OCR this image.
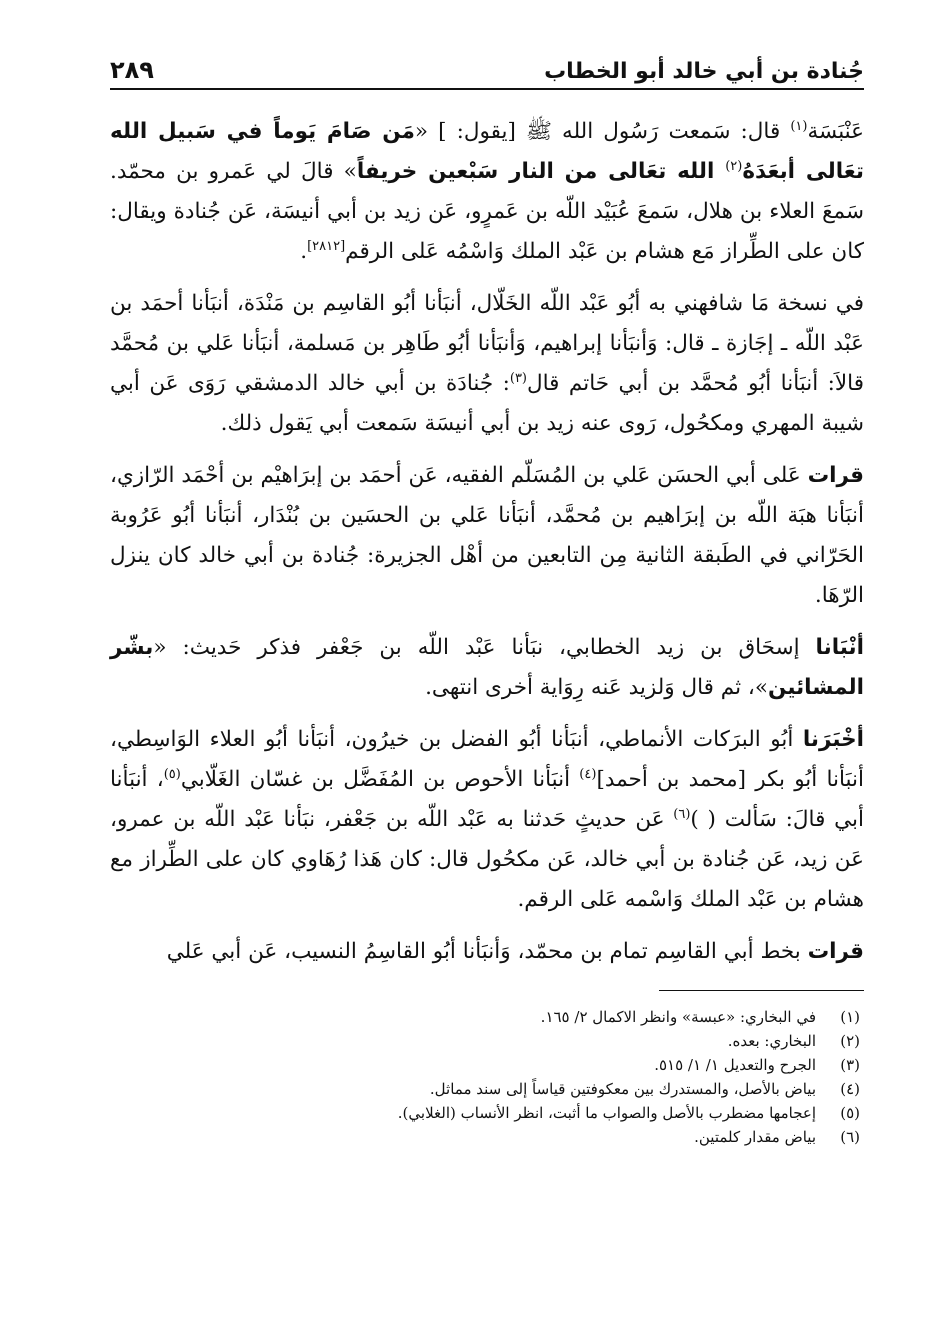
جُنادة بن أبي خالد أبو الخطاب
٢٨٩

عَنْبَسَة$^{(١)}$ قال: سَمعت رَسُول الله ﷺ [يقول: ] «مَن صَامَ يَوماً في سَبيل الله تعَالى أبعَدَهُ$^{(٢)}$ الله تعَالى من النار سَبْعين خريفاً» قالَ لي عَمرو بن محمّد. سَمعَ العلاء بن هلال، سَمعَ عُبَيْد اللّه بن عَمرٍو، عَن زيد بن أبي أنيسَة، عَن جُنادة ويقال: كان على الطِّراز مَع هشام بن عَبْد الملك وَاسْمُه عَلى الرقم[٢٨١٢].

في نسخة مَا شافهني به أبُو عَبْد اللّه الخَلّال، أنبَأنا أبُو القاسِم بن مَنْدَة، أنبَأنا أحمَد بن عَبْد اللّه ـ إجَازة ـ قال: وَأنبَأنا إبراهيم، وَأنبَأنا أبُو طَاهِر بن مَسلمة، أنبَأنا عَلي بن مُحمَّد قالاَ: أنبَأنا أبُو مُحمَّد بن أبي حَاتم قال$^{(٣)}$: جُنادَة بن أبي خالد الدمشقي رَوَى عَن أبي شيبة المهري ومكحُول، رَوى عنه زيد بن أبي أنيسَة سَمعت أبي يَقول ذلك.

قرات عَلى أبي الحسَن عَلي بن المُسَلّم الفقيه، عَن أحمَد بن إبرَاهيْم بن أحْمَد الرّازي، أنبَأنا هبَة اللّه بن إبرَاهيم بن مُحمَّد، أنبَأنا عَلي بن الحسَين بن بُنْدَار، أنبَأنا أبُو عَرُوبة الحَرّاني في الطَبقة الثانية مِن التابعين من أهْل الجزيرة: جُنادة بن أبي خالد كان ينزل الرّهَا.

أنْبَانا إسحَاق بن زيد الخطابي، نبَأنا عَبْد اللّه بن جَعْفر فذكر حَديث: «بشّر المشائين»، ثم قال وَلزيد عَنه رِوَاية أخرى انتهى.

أخْبَرَنا أبُو البرَكات الأنماطي، أنبَأنا أبُو الفضل بن خيرُون، أنبَأنا أبُو العلاء الوَاسِطي، أنبَأنا أبُو بكر [محمد بن أحمد]$^{(٤)}$ أنبَأنا الأحوص بن المُفَضَّل بن غسّان الغَلّابي$^{(٥)}$، أنبَأنا أبي قالَ: سَألت ( )$^{(٦)}$ عَن حديثٍ حَدثنا به عَبْد اللّه بن جَعْفر، نبَأنا عَبْد اللّه بن عمرو، عَن زيد، عَن جُنادة بن أبي خالد، عَن مكحُول قال: كان هَذا رُهَاوي كان على الطِّراز مع هشام بن عَبْد الملك وَاسْمه عَلى الرقم.

قرات بخط أبي القاسِم تمام بن محمّد، وَأنبَأنا أبُو القاسِمُ النسيب، عَن أبي عَلي

(١)
في البخاري: «عبسة» وانظر الاكمال ٢/ ١٦٥.
(٢)
البخاري: بعده.
(٣)
الجرح والتعديل ١/ ١/ ٥١٥.
(٤)
بياض بالأصل، والمستدرك بين معكوفتين قياساً إلى سند مماثل.
(٥)
إعجامها مضطرب بالأصل والصواب ما أثبت، انظر الأنساب (الغلابي).
(٦)
بياض مقدار كلمتين.
